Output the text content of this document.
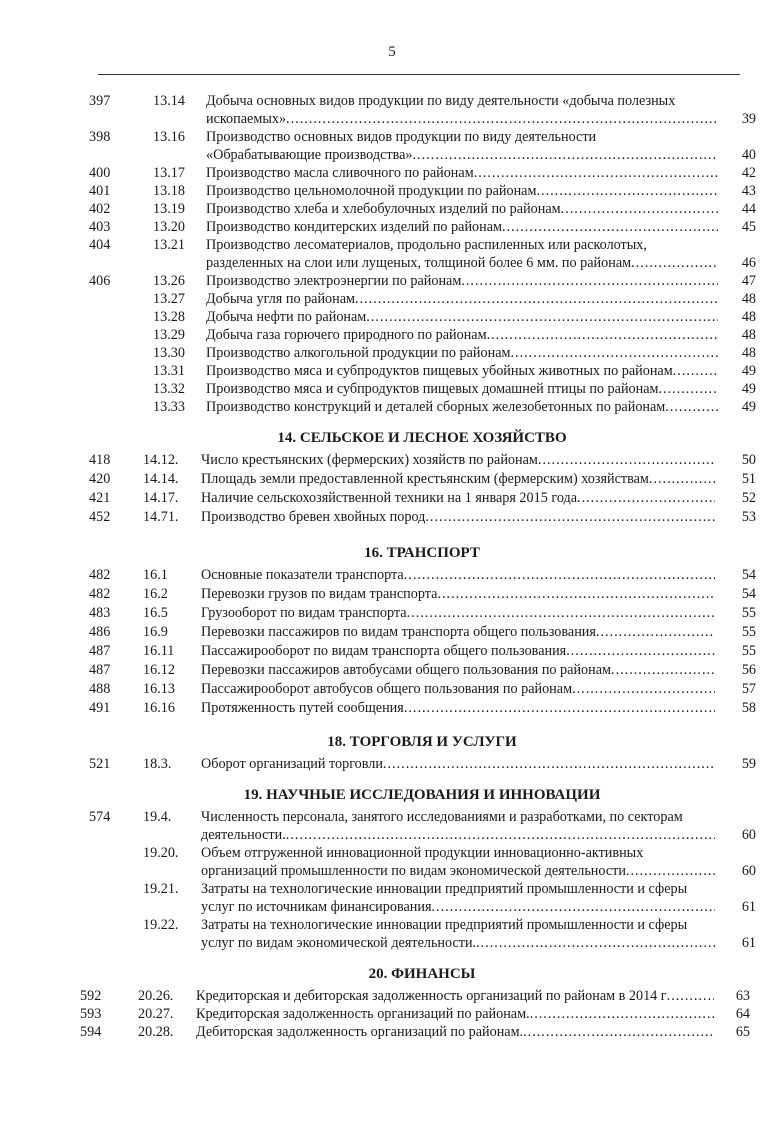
5
397	13.14 Добыча основных видов продукции по виду деятельности «добыча полезных
ископаемых» .....	39
398	13.16 Производство основных видов продукции по виду деятельности
«Обрабатывающие производства» .....	40
400	13.17 Производство масла сливочного по районам .....	42
401	13.18 Производство цельномолочной продукции по районам .....	43
402	13.19 Производство хлеба и хлебобулочных изделий по районам .....	44
403	13.20 Производство кондитерских изделий по районам .....	45
404	13.21 Производство лесоматериалов, продольно распиленных или расколотых,
разделенных на слои или лущеных, толщиной более 6 мм. по районам .....	46
406	13.26 Производство электроэнергии по районам .....	47
13.27 Добыча угля по районам .....	48
13.28 Добыча нефти по районам .....	48
13.29 Добыча газа горючего природного по районам .....	48
13.30 Производство алкогольной продукции по районам .....	48
13.31 Производство мяса и субпродуктов пищевых убойных животных по районам .....	49
13.32 Производство мяса и субпродуктов пищевых домашней птицы по районам .....	49
13.33 Производство конструкций и деталей сборных железобетонных по районам .....	49
14. СЕЛЬСКОЕ И ЛЕСНОЕ ХОЗЯЙСТВО
418 14.12. Число крестьянских (фермерских) хозяйств по районам .....	50
420 14.14. Площадь земли предоставленной крестьянским (фермерским) хозяйствам .....	51
421 14.17. Наличие сельскохозяйственной техники на 1 января 2015 года .....	52
452 14.71. Производство бревен хвойных пород .....	53
16. ТРАНСПОРТ
482 16.1 Основные показатели транспорта .....	54
482 16.2 Перевозки грузов по видам транспорта .....	54
483 16.5 Грузооборот по видам транспорта .....	55
486 16.9 Перевозки пассажиров по видам транспорта общего пользования .....	55
487 16.11 Пассажирооборот по видам транспорта общего пользования .....	55
487 16.12 Перевозки пассажиров автобусами общего пользования по районам .....	56
488 16.13 Пассажирооборот автобусов общего пользования по районам .....	57
491 16.16 Протяженность путей сообщения .....	58
18. ТОРГОВЛЯ И УСЛУГИ
521 18.3. Оборот организаций торговли .....	59
19. НАУЧНЫЕ ИССЛЕДОВАНИЯ И ИННОВАЦИИ
574 19.4. Численность персонала, занятого исследованиями и разработками, по секторам
деятельности. .....	60
19.20. Объем отгруженной инновационной продукции инновационно-активных
организаций промышленности по видам экономической деятельности .....	60
19.21. Затраты на технологические инновации предприятий промышленности и сферы
услуг по источникам финансирования .....	61
19.22. Затраты на технологические инновации предприятий промышленности и сферы
услуг по видам экономической деятельности. .....	61
20. ФИНАНСЫ
592	20.26. Кредиторская и дебиторская задолженность организаций по районам в 2014 г .....	63
593	20.27. Кредиторская задолженность организаций по районам. .....	64
594	20.28. Дебиторская задолженность организаций по районам. .....	65
